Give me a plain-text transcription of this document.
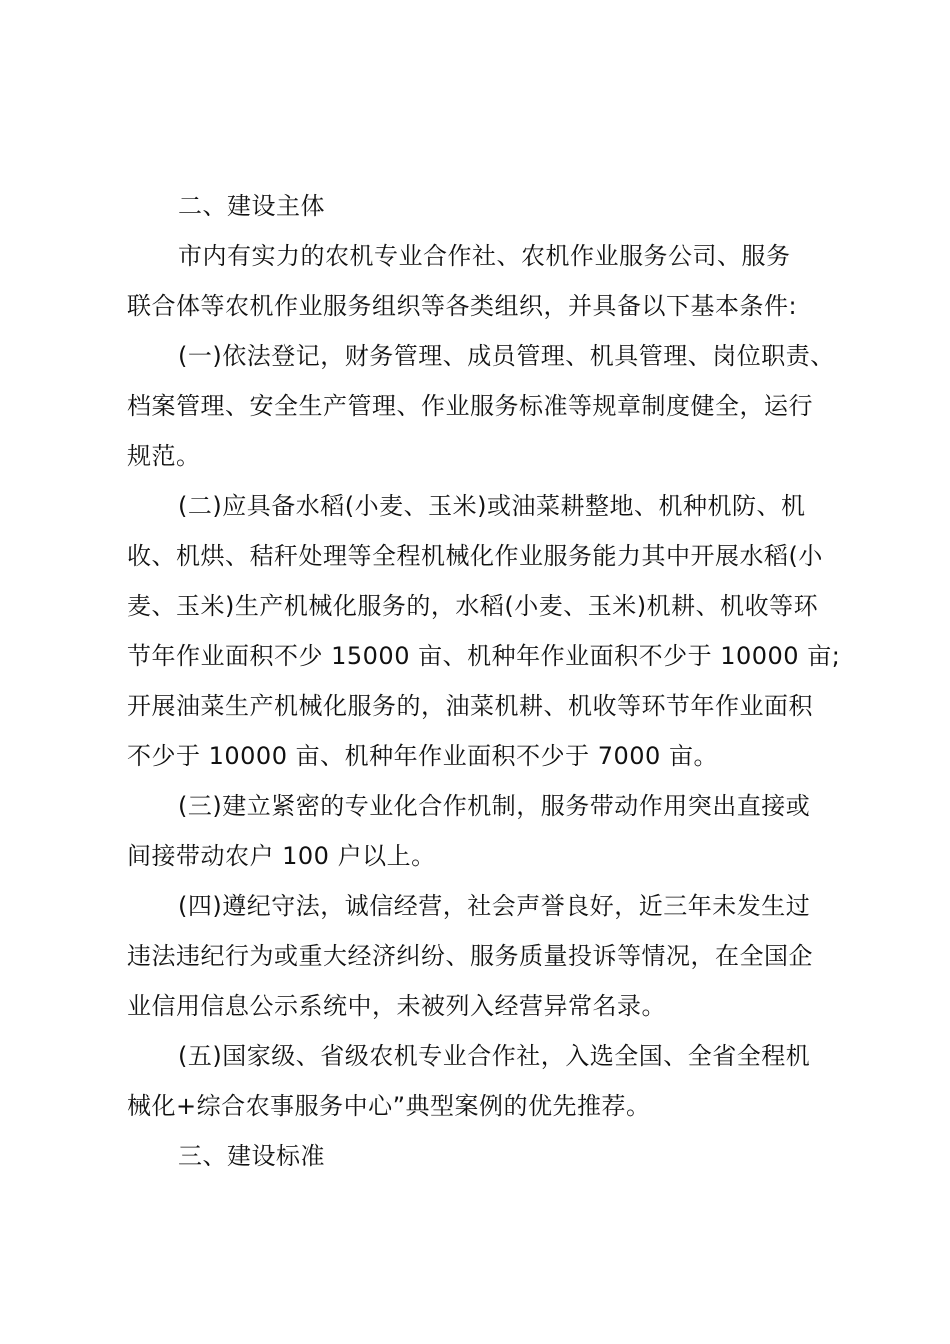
二、建设主体
市内有实力的农机专业合作社、农机作业服务公司、服务
联合体等农机作业服务组织等各类组织，并具备以下基本条件:
(一)依法登记，财务管理、成员管理、机具管理、岗位职责、
档案管理、安全生产管理、作业服务标准等规章制度健全，运行
规范。
(二)应具备水稻(小麦、玉米)或油菜耕整地、机种机防、机
收、机烘、秸秆处理等全程机械化作业服务能力其中开展水稻(小
麦、玉米)生产机械化服务的，水稻(小麦、玉米)机耕、机收等环
节年作业面积不少 15000 亩、机种年作业面积不少于 10000 亩;
开展油菜生产机械化服务的，油菜机耕、机收等环节年作业面积
不少于 10000 亩、机种年作业面积不少于 7000 亩。
(三)建立紧密的专业化合作机制，服务带动作用突出直接或
间接带动农户 100 户以上。
(四)遵纪守法，诚信经营，社会声誉良好，近三年未发生过
违法违纪行为或重大经济纠纷、服务质量投诉等情况，在全国企
业信用信息公示系统中，未被列入经营异常名录。
(五)国家级、省级农机专业合作社，入选全国、全省全程机
械化+综合农事服务中心”典型案例的优先推荐。
三、建设标准
